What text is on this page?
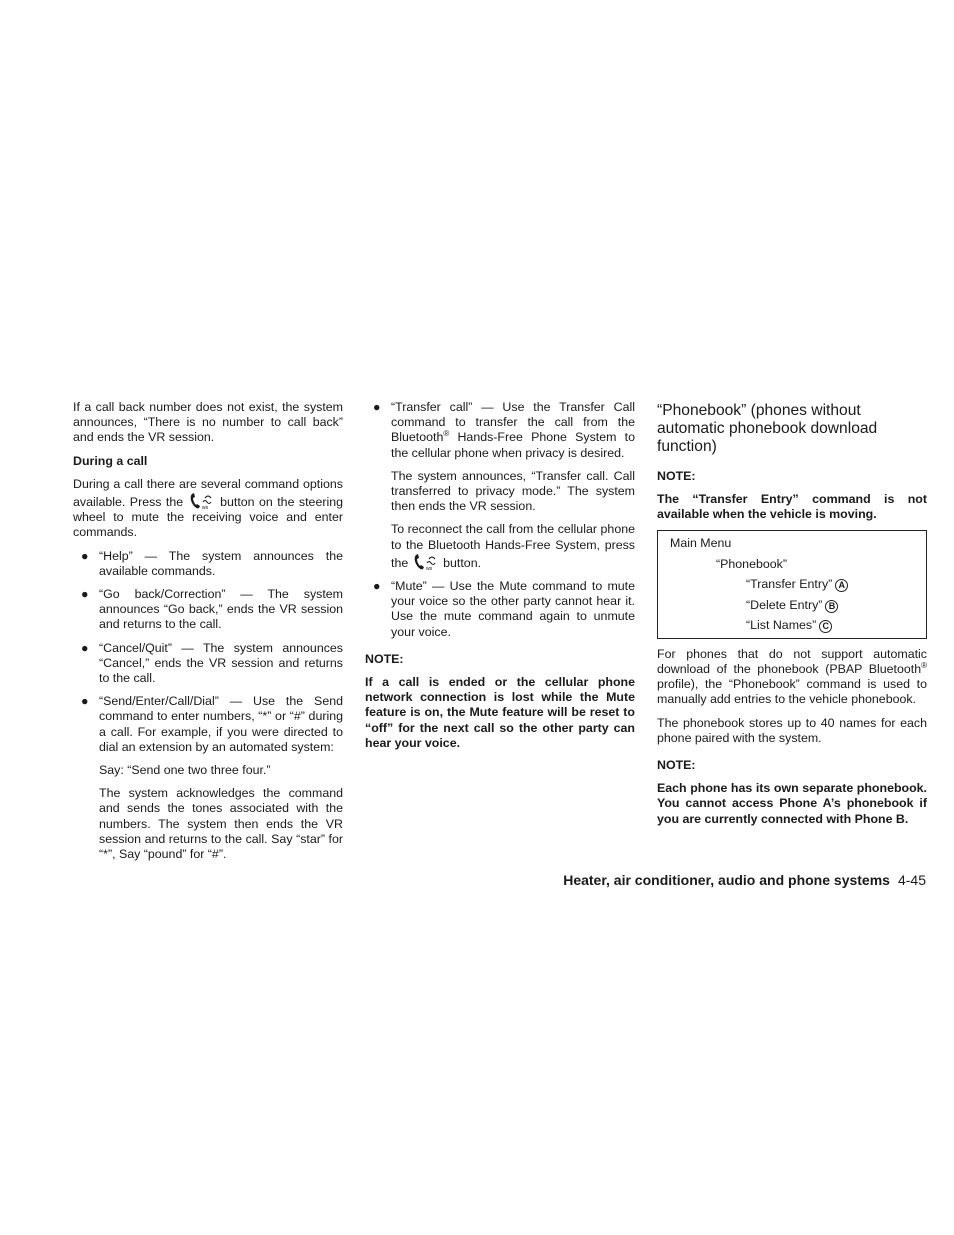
If a call back number does not exist, the system announces, “There is no number to call back” and ends the VR session.

During a call

During a call there are several command options available. Press the	ws button on the steering wheel to mute the receiving voice and enter commands.

● “Help” — The system announces the available commands.
● “Go back/Correction” — The system announces “Go back,” ends the VR session and returns to the call.
● “Cancel/Quit” — The system announces “Cancel,” ends the VR session and returns to the call.
● “Send/Enter/Call/Dial” — Use the Send command to enter numbers, “*” or “#” during a call. For example, if you were directed to dial an extension by an automated system:

Say: “Send one two three four.”

The system acknowledges the command and sends the tones associated with the numbers. The system then ends the VR session and returns to the call. Say “star” for “*”, Say “pound” for “#”.

● “Transfer call” — Use the Transfer Call command to transfer the call from the Bluetooth® Hands-Free Phone System to the cellular phone when privacy is desired.

The system announces, “Transfer call. Call transferred to privacy mode.” The system then ends the VR session.

To reconnect the call from the cellular phone to the Bluetooth Hands-Free System, press the	ws button.

● “Mute” — Use the Mute command to mute your voice so the other party cannot hear it. Use the mute command again to unmute your voice.
NOTE:

If a call is ended or the cellular phone network connection is lost while the Mute feature is on, the Mute feature will be reset to “off” for the next call so the other party can hear your voice.

“Phonebook” (phones without automatic phonebook download function)
NOTE:

The “Transfer Entry” command is not available when the vehicle is moving.

Main Menu
“Phonebook”
“Transfer Entry” A
“Delete Entry” B
“List Names” C

For phones that do not support automatic download of the phonebook (PBAP Bluetooth® profile), the “Phonebook” command is used to manually add entries to the vehicle phonebook.

The phonebook stores up to 40 names for each phone paired with the system.

NOTE:

Each phone has its own separate phonebook. You cannot access Phone A’s phonebook if you are currently connected with Phone B.

Heater, air conditioner, audio and phone systems 4-45
